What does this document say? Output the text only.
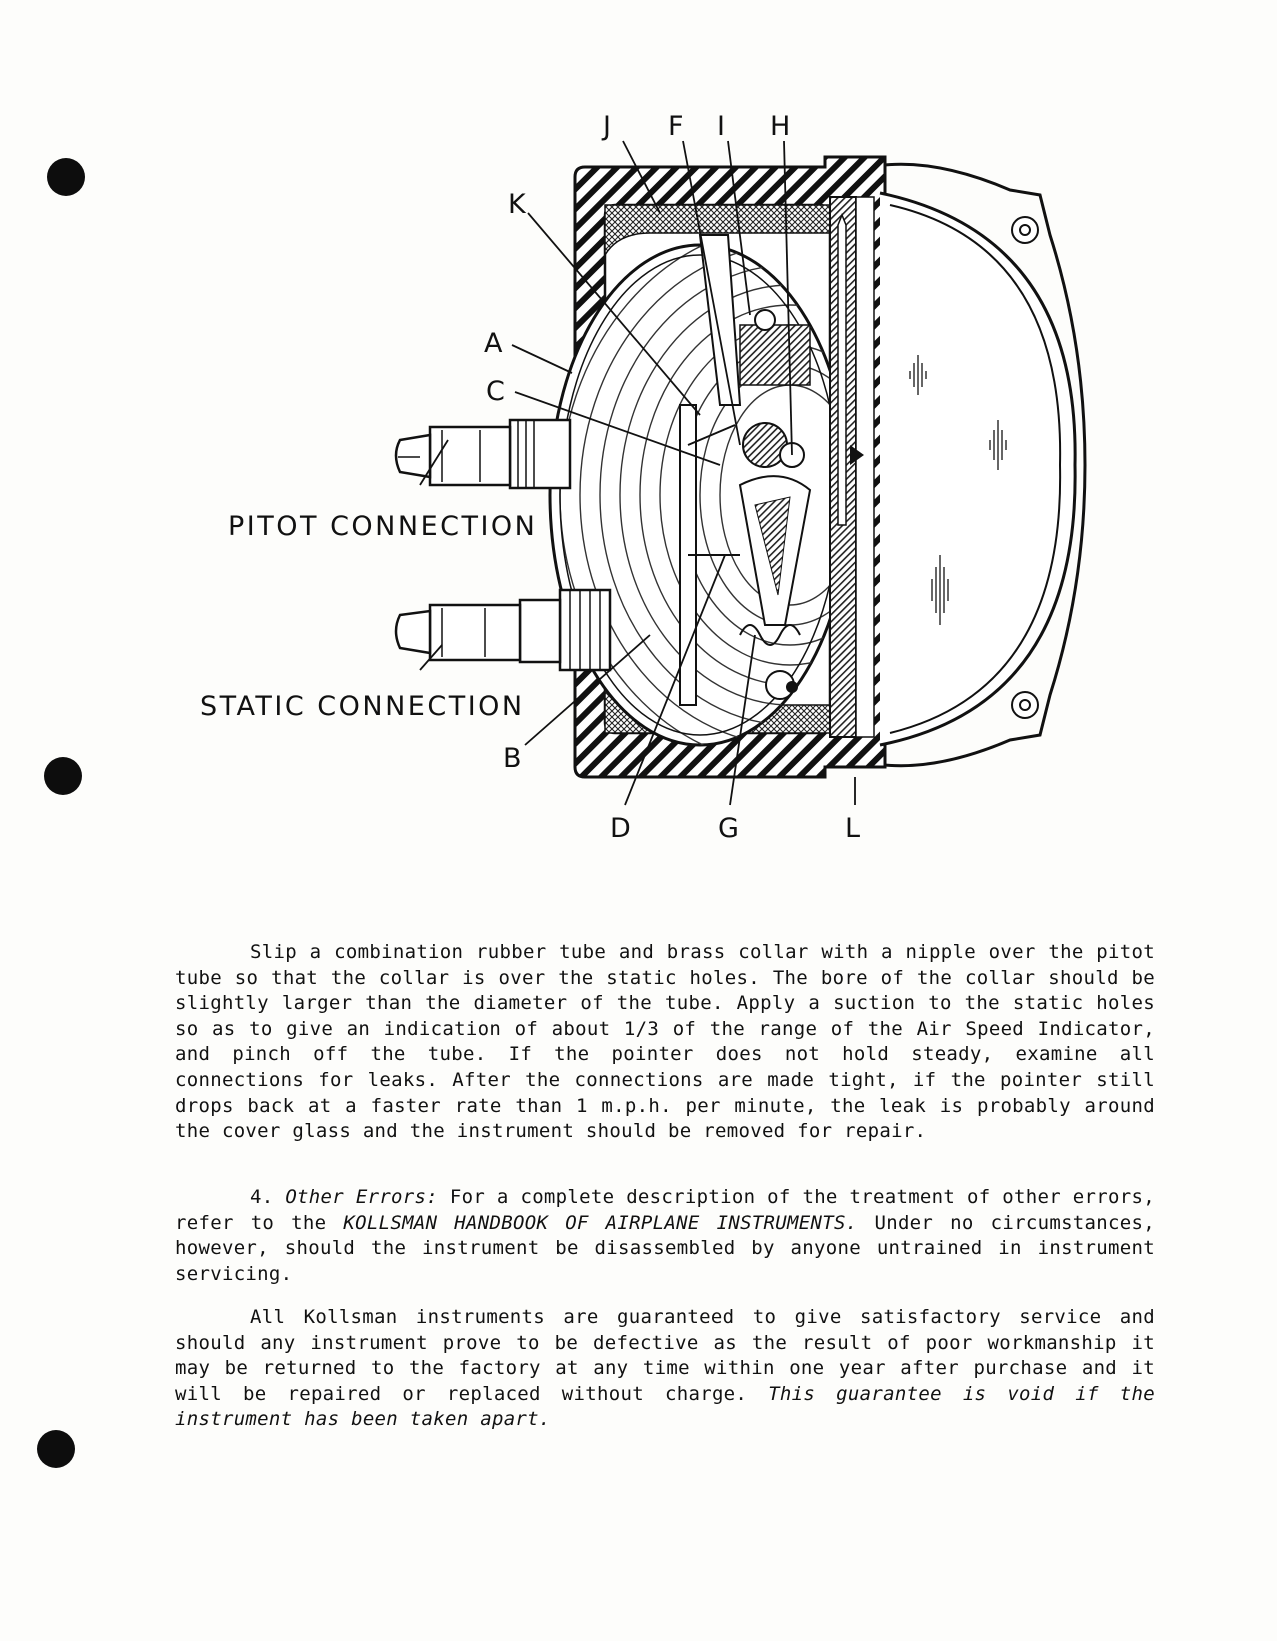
J F I H
K
A
C
B
D	G	L
PITOT CONNECTION
STATIC CONNECTION

Slip a combination rubber tube and brass collar with a nipple over the pitot tube so that the collar is over the static holes. The bore of the collar should be slightly larger than the diameter of the tube. Apply a suction to the static holes so as to give an indication of about 1/3 of the range of the Air Speed Indicator, and pinch off the tube. If the pointer does not hold steady, examine all connections for leaks. After the connections are made tight, if the pointer still drops back at a faster rate than 1 m.p.h. per minute, the leak is probably around the cover glass and the instrument should be removed for repair.

4. Other Errors: For a complete description of the treatment of other errors, refer to the KOLLSMAN HANDBOOK OF AIRPLANE INSTRUMENTS. Under no circumstances, however, should the instrument be disassembled by anyone untrained in instrument servicing.

All Kollsman instruments are guaranteed to give satisfactory service and should any instrument prove to be defective as the result of poor workmanship it may be returned to the factory at any time within one year after purchase and it will be repaired or replaced without charge. This guarantee is void if the instrument has been taken apart.
